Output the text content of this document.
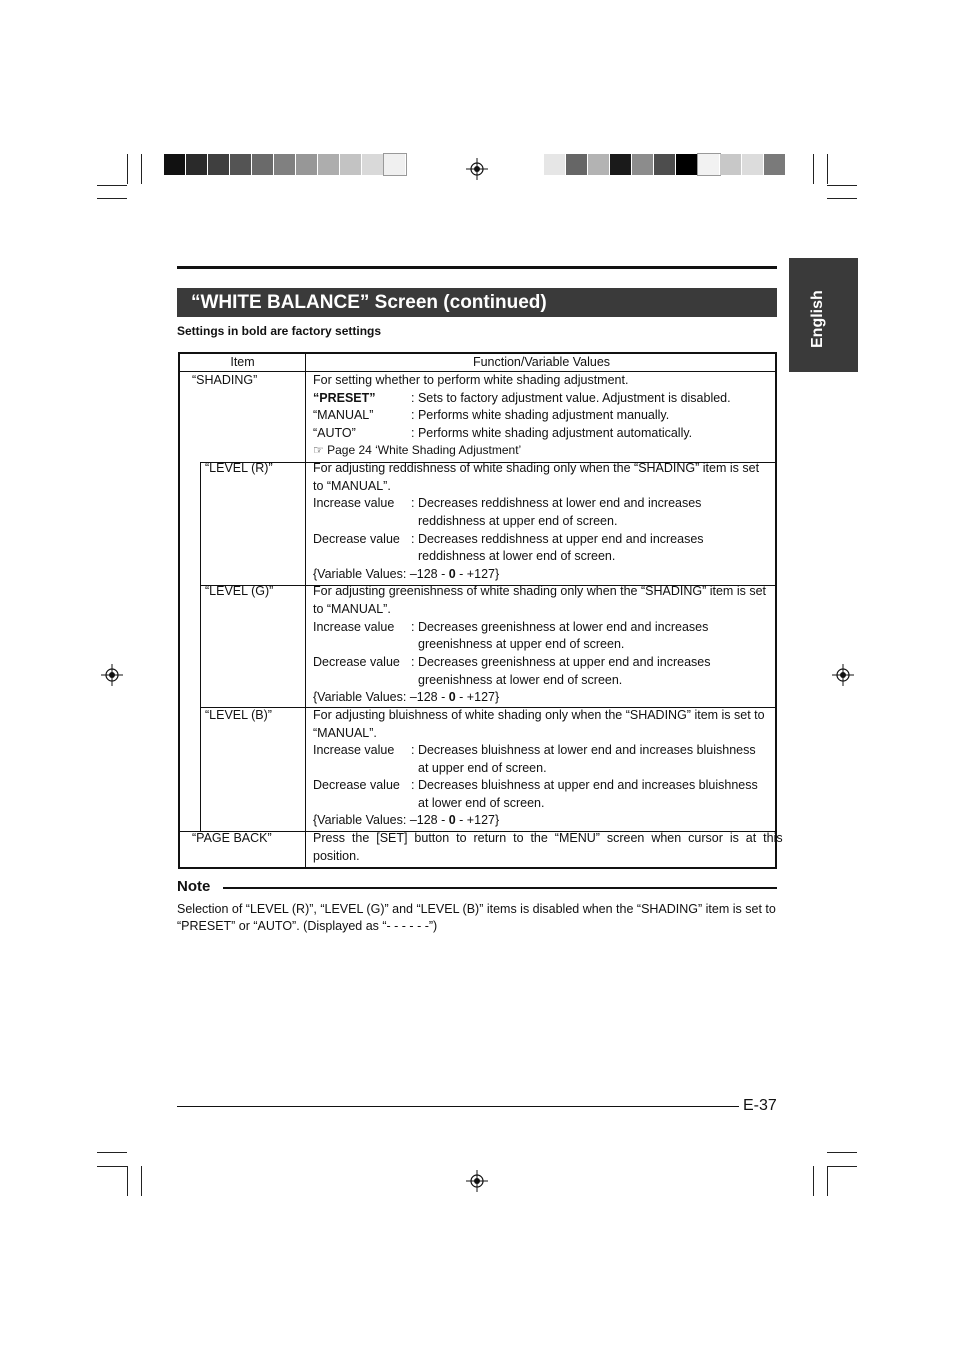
“WHITE BALANCE” Screen (continued)	English
Settings in bold are factory settings
Item	Function/Variable Values
“SHADING”	For setting whether to perform white shading adjustment.
“PRESET”	: Sets to factory adjustment value. Adjustment is disabled.
“MANUAL”	: Performs white shading adjustment manually.
“AUTO”	: Performs white shading adjustment automatically.
☞ Page 24 ‘White Shading Adjustment’
“LEVEL (R)”	For adjusting reddishness of white shading only when the “SHADING” item is set
to “MANUAL”.
Increase value : Decreases reddishness at lower end and increases
reddishness at upper end of screen.
Decrease value : Decreases reddishness at upper end and increases
reddishness at lower end of screen.
{Variable Values: –128 - 0 - +127}
“LEVEL (G)”	For adjusting greenishness of white shading only when the “SHADING” item is set
to “MANUAL”.
Increase value : Decreases greenishness at lower end and increases
greenishness at upper end of screen.
Decrease value : Decreases greenishness at upper end and increases
greenishness at lower end of screen.
{Variable Values: –128 - 0 - +127}
“LEVEL (B)”	For adjusting bluishness of white shading only when the “SHADING” item is set to
“MANUAL”.
Increase value : Decreases bluishness at lower end and increases bluishness
at upper end of screen.
Decrease value : Decreases bluishness at upper end and increases bluishness
at lower end of screen.
{Variable Values: –128 - 0 - +127}
“PAGE BACK”	Press  the  [SET]  button  to  return  to  the  “MENU”  screen  when  cursor  is  at  this
position.
Note
Selection of “LEVEL (R)”, “LEVEL (G)” and “LEVEL (B)” items is disabled when the “SHADING” item is set to “PRESET” or “AUTO”. (Displayed as “- - - - - -”)
E-37
